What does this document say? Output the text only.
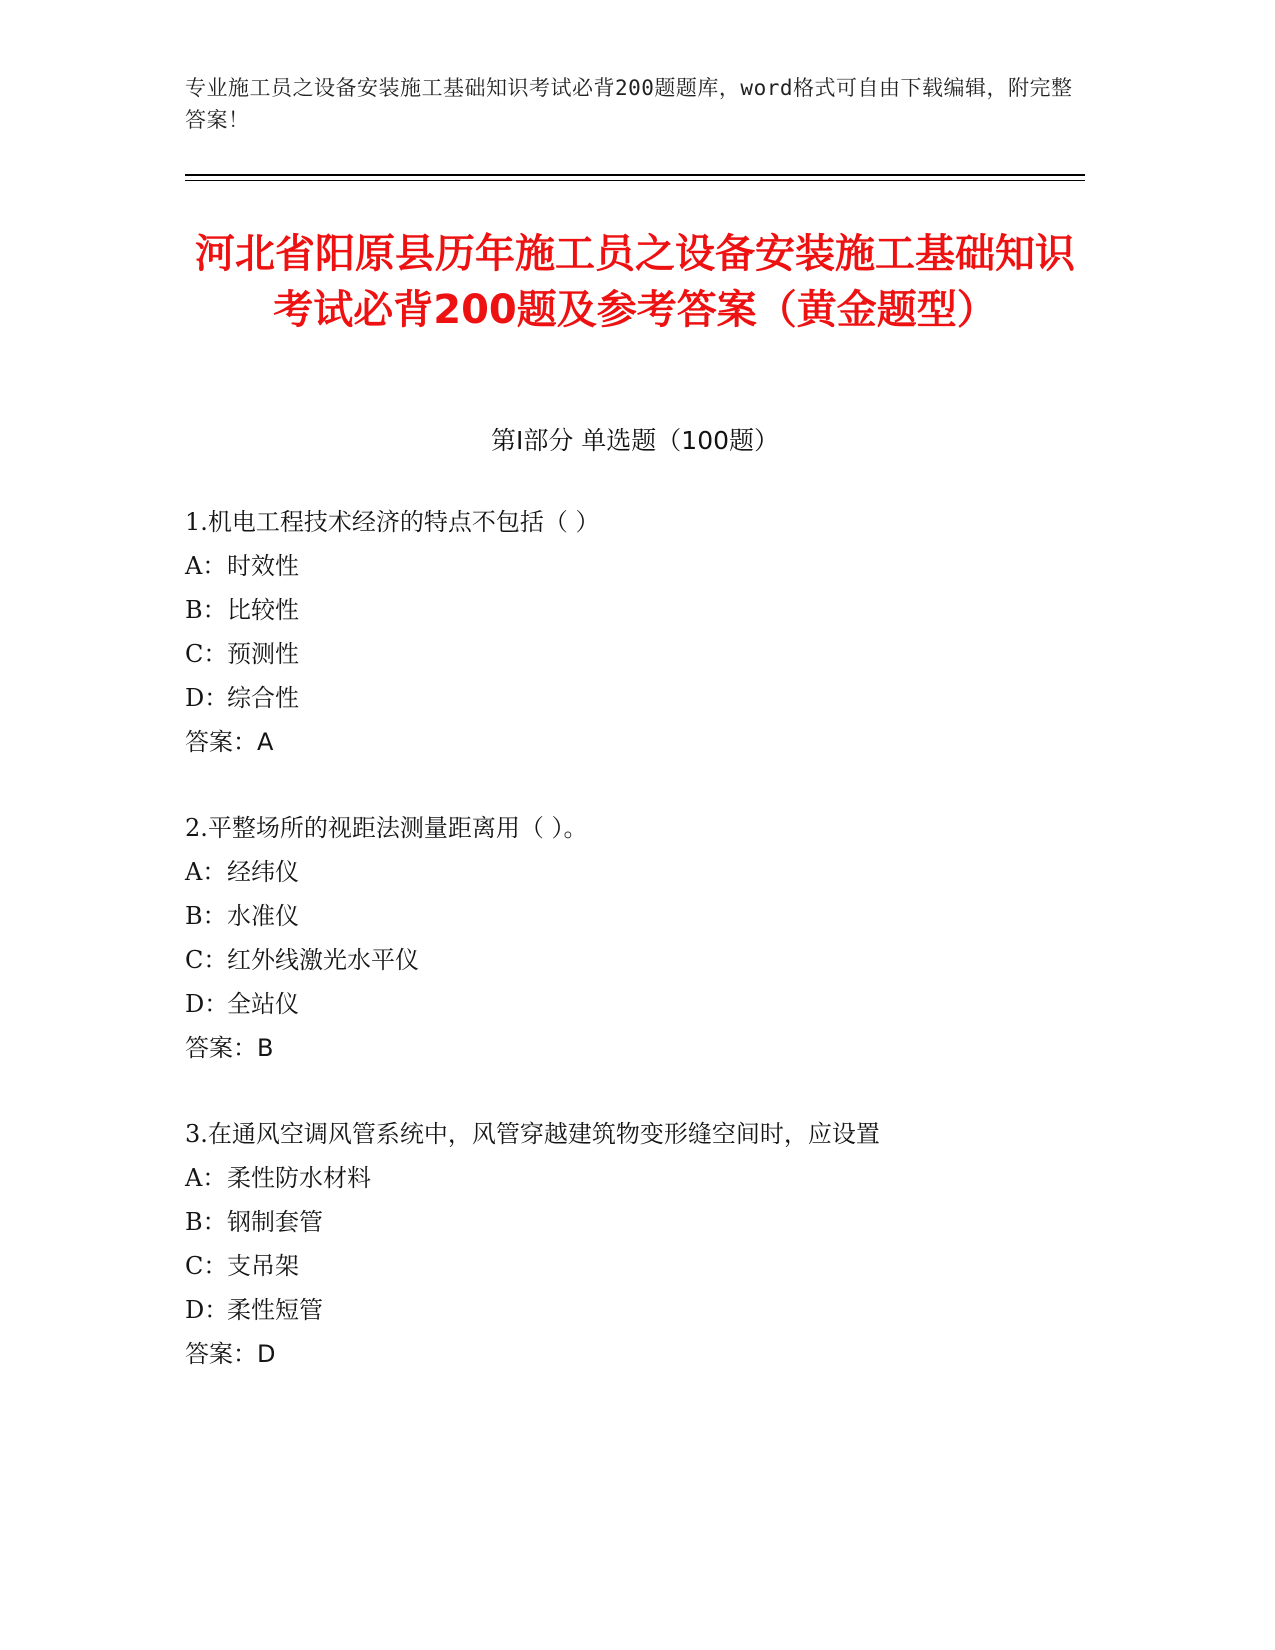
专业施工员之设备安装施工基础知识考试必背200题题库，word格式可自由下载编辑，附完整答案！
河北省阳原县历年施工员之设备安装施工基础知识考试必背200题及参考答案（黄金题型）
第Ⅰ部分 单选题（100题）
1.机电工程技术经济的特点不包括（ ）
A：时效性
B：比较性
C：预测性
D：综合性
答案：A
2.平整场所的视距法测量距离用（ ）。
A：经纬仪
B：水准仪
C：红外线激光水平仪
D：全站仪
答案：B
3.在通风空调风管系统中，风管穿越建筑物变形缝空间时，应设置
A：柔性防水材料
B：钢制套管
C：支吊架
D：柔性短管
答案：D
